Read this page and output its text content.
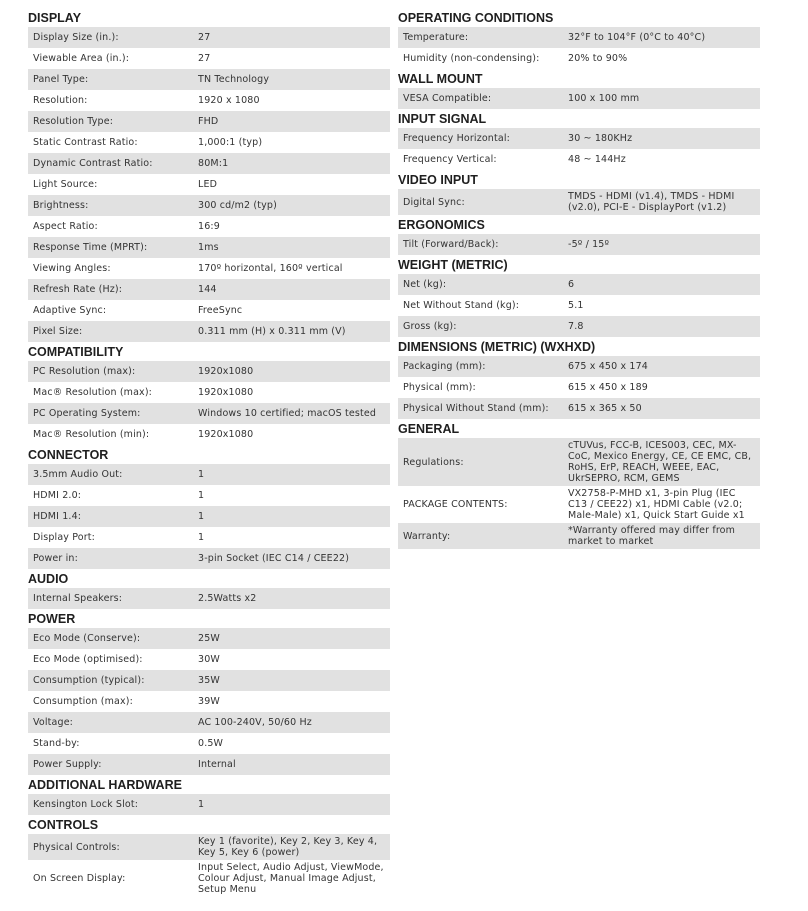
DISPLAY
Display Size (in.):	27
Viewable Area (in.):	27
Panel Type:	TN Technology
Resolution:	1920 x 1080
Resolution Type:	FHD
Static Contrast Ratio:	1,000:1 (typ)
Dynamic Contrast Ratio:	80M:1
Light Source:	LED
Brightness:	300 cd/m2 (typ)
Aspect Ratio:	16:9
Response Time (MPRT):	1ms
Viewing Angles:	170º horizontal, 160º vertical
Refresh Rate (Hz):	144
Adaptive Sync:	FreeSync
Pixel Size:	0.311 mm (H) x 0.311 mm (V)
COMPATIBILITY
PC Resolution (max):	1920x1080
Mac® Resolution (max):	1920x1080
PC Operating System:	Windows 10 certified; macOS tested
Mac® Resolution (min):	1920x1080
CONNECTOR
3.5mm Audio Out:	1
HDMI 2.0:	1
HDMI 1.4:	1
Display Port:	1
Power in:	3-pin Socket (IEC C14 / CEE22)
AUDIO
Internal Speakers:	2.5Watts x2
POWER
Eco Mode (Conserve):	25W
Eco Mode (optimised):	30W
Consumption (typical):	35W
Consumption (max):	39W
Voltage:	AC 100-240V, 50/60 Hz
Stand-by:	0.5W
Power Supply:	Internal
ADDITIONAL HARDWARE
Kensington Lock Slot:	1
CONTROLS
Physical Controls:	Key 1 (favorite), Key 2, Key 3, Key 4, Key 5, Key 6 (power)
On Screen Display:
Input Select, Audio Adjust, ViewMode, Colour Adjust, Manual Image Adjust, Setup Menu
OPERATING CONDITIONS
Temperature:	32°F to 104°F (0°C to 40°C)
Humidity (non-condensing):	20% to 90%
WALL MOUNT
VESA Compatible:	100 x 100 mm
INPUT SIGNAL
Frequency Horizontal:	30 ~ 180KHz
Frequency Vertical:	48 ~ 144Hz
VIDEO INPUT
Digital Sync:	TMDS - HDMI (v1.4), TMDS - HDMI (v2.0), PCI-E - DisplayPort (v1.2)
ERGONOMICS
Tilt (Forward/Back):	-5º / 15º
WEIGHT (METRIC)
Net (kg):	6
Net Without Stand (kg):	5.1
Gross (kg):	7.8
DIMENSIONS (METRIC) (WXHXD)
Packaging (mm):	675 x 450 x 174
Physical (mm):	615 x 450 x 189
Physical Without Stand (mm):	615 x 365 x 50
GENERAL
Regulations:
cTUVus, FCC-B, ICES003, CEC, MX-CoC, Mexico Energy, CE, CE EMC, CB, RoHS, ErP, REACH, WEEE, EAC, UkrSEPRO, RCM, GEMS
PACKAGE CONTENTS:
VX2758-P-MHD x1, 3-pin Plug (IEC C13 / CEE22) x1, HDMI Cable (v2.0; Male-Male) x1, Quick Start Guide x1
Warranty:	*Warranty offered may differ from market to market
